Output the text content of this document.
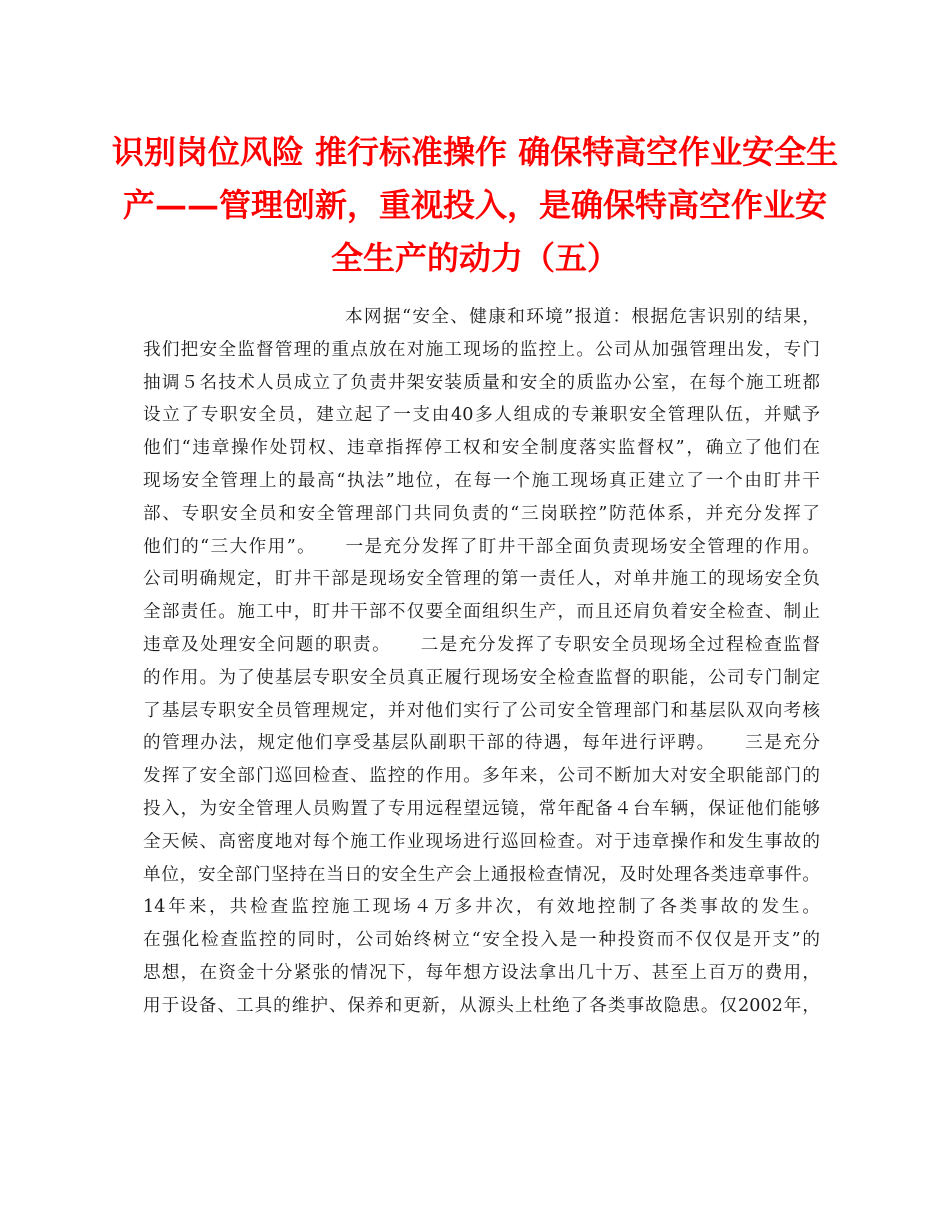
识别岗位风险 推行标准操作 确保特高空作业安全生产——管理创新，重视投入，是确保特高空作业安全生产的动力（五）
本网据“安全、健康和环境”报道：根据危害识别的结果，
我们把安全监督管理的重点放在对施工现场的监控上。公司从加强管理出发，专门
抽调５名技术人员成立了负责井架安装质量和安全的质监办公室，在每个施工班都
设立了专职安全员，建立起了一支由40多人组成的专兼职安全管理队伍，并赋予
他们“违章操作处罚权、违章指挥停工权和安全制度落实监督权”，确立了他们在
现场安全管理上的最高“执法”地位，在每一个施工现场真正建立了一个由盯井干
部、专职安全员和安全管理部门共同负责的“三岗联控”防范体系，并充分发挥了
他们的“三大作用”。　　一是充分发挥了盯井干部全面负责现场安全管理的作用。
公司明确规定，盯井干部是现场安全管理的第一责任人，对单井施工的现场安全负
全部责任。施工中，盯井干部不仅要全面组织生产，而且还肩负着安全检查、制止
违章及处理安全问题的职责。　　二是充分发挥了专职安全员现场全过程检查监督
的作用。为了使基层专职安全员真正履行现场安全检查监督的职能，公司专门制定
了基层专职安全员管理规定，并对他们实行了公司安全管理部门和基层队双向考核
的管理办法，规定他们享受基层队副职干部的待遇，每年进行评聘。　　三是充分
发挥了安全部门巡回检查、监控的作用。多年来，公司不断加大对安全职能部门的
投入，为安全管理人员购置了专用远程望远镜，常年配备４台车辆，保证他们能够
全天候、高密度地对每个施工作业现场进行巡回检查。对于违章操作和发生事故的
单位，安全部门坚持在当日的安全生产会上通报检查情况，及时处理各类违章事件。
14年来，共检查监控施工现场４万多井次，有效地控制了各类事故的发生。
在强化检查监控的同时，公司始终树立“安全投入是一种投资而不仅仅是开支”的
思想，在资金十分紧张的情况下，每年想方设法拿出几十万、甚至上百万的费用，
用于设备、工具的维护、保养和更新，从源头上杜绝了各类事故隐患。仅2002年，
